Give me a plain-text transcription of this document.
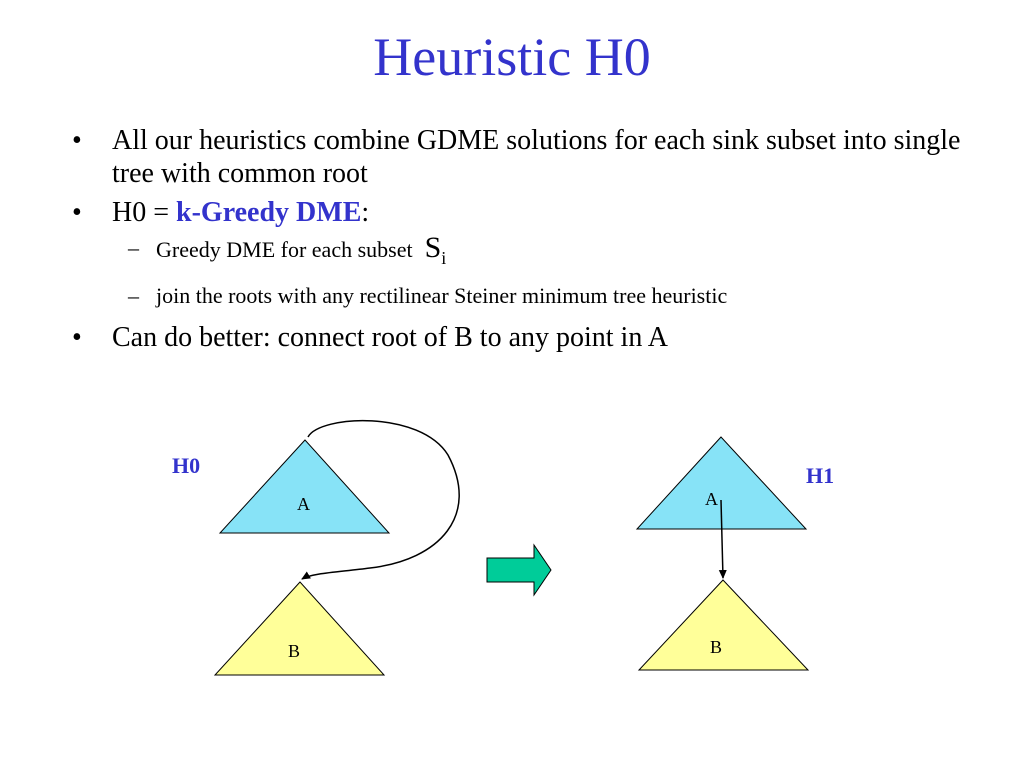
Heuristic H0
• All our heuristics combine GDME solutions for each sink subset into single tree with common root
• H0 = k-Greedy DME:
– Greedy DME for each subset $S_i$
– join the roots with any rectilinear Steiner minimum tree heuristic
• Can do better: connect root of B to any point in A
H0
A
B
H1
A
B
